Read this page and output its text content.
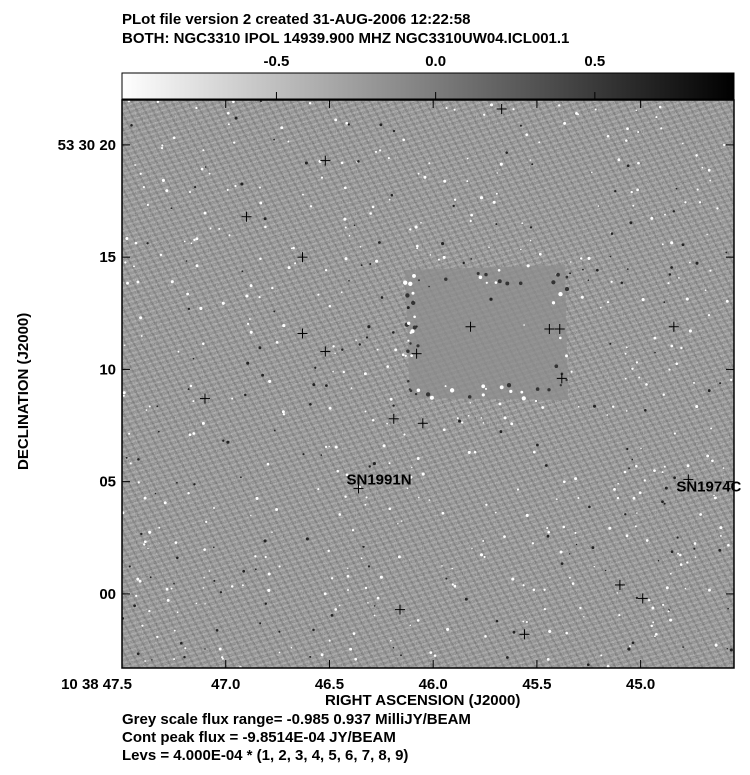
PLot file version 2 created 31-AUG-2006 12:22:58
BOTH: NGC3310 IPOL 14939.900 MHZ NGC3310UW04.ICL001.1
-0.5	0.0	0.5
10 38 47.5	47.0	46.5	46.0	45.5	45.0
53 30 20
15
10
05
00
SN1991N	SN1974C
RIGHT ASCENSION (J2000)
DECLINATION (J2000)
Grey scale flux range= -0.985 0.937 MilliJY/BEAM
Cont peak flux = -9.8514E-04 JY/BEAM
Levs = 4.000E-04 * (1, 2, 3, 4, 5, 6, 7, 8, 9)
